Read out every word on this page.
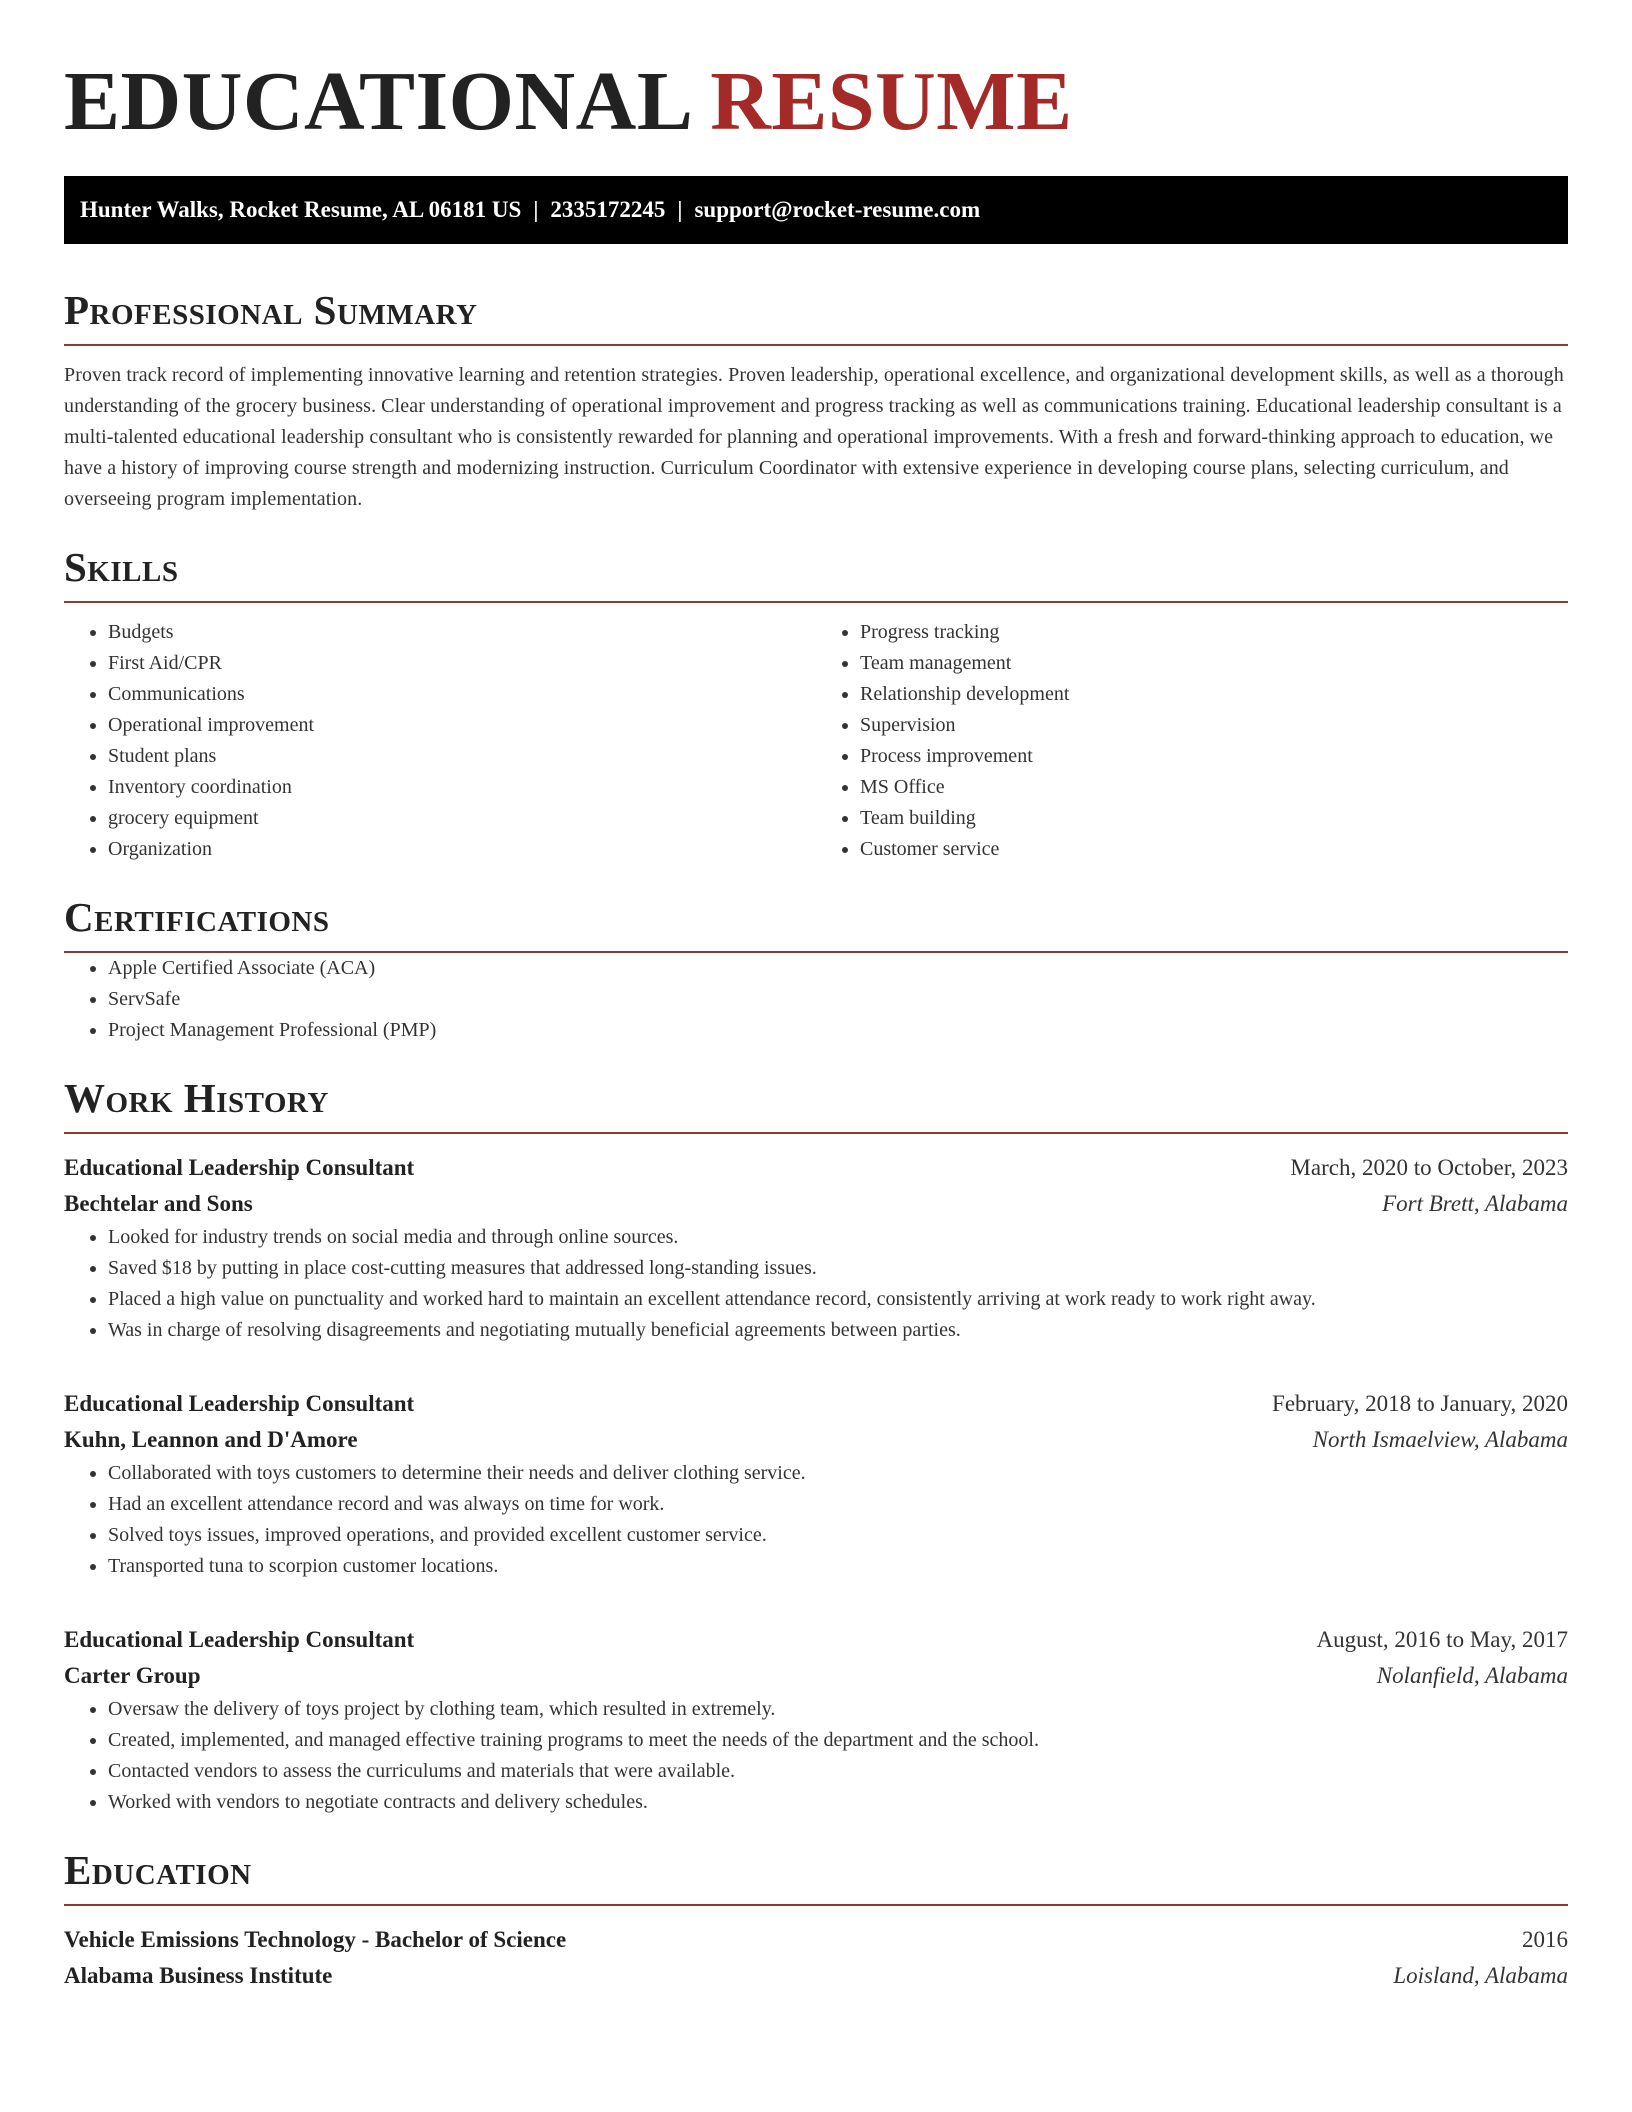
EDUCATIONAL RESUME
Hunter Walks, Rocket Resume, AL 06181 US | 2335172245 | support@rocket-resume.com
Professional Summary

Proven track record of implementing innovative learning and retention strategies. Proven leadership, operational excellence, and organizational development skills, as well as a thorough understanding of the grocery business. Clear understanding of operational improvement and progress tracking as well as communications training. Educational leadership consultant is a multi-talented educational leadership consultant who is consistently rewarded for planning and operational improvements. With a fresh and forward-thinking approach to education, we have a history of improving course strength and modernizing instruction. Curriculum Coordinator with extensive experience in developing course plans, selecting curriculum, and overseeing program implementation.

Skills
• Budgets
• First Aid/CPR
• Communications
• Operational improvement
• Student plans
• Inventory coordination
• grocery equipment
• Organization
• Progress tracking
• Team management
• Relationship development
• Supervision
• Process improvement
• MS Office
• Team building
• Customer service
Certifications
• Apple Certified Associate (ACA)
• ServSafe
• Project Management Professional (PMP)
Work History
Educational Leadership Consultant	March, 2020 to October, 2023
Bechtelar and Sons	Fort Brett, Alabama
• Looked for industry trends on social media and through online sources.
• Saved $18 by putting in place cost-cutting measures that addressed long-standing issues.
• Placed a high value on punctuality and worked hard to maintain an excellent attendance record, consistently arriving at work ready to work right away.
• Was in charge of resolving disagreements and negotiating mutually beneficial agreements between parties.
Educational Leadership Consultant	February, 2018 to January, 2020
Kuhn, Leannon and D'Amore	North Ismaelview, Alabama
• Collaborated with toys customers to determine their needs and deliver clothing service.
• Had an excellent attendance record and was always on time for work.
• Solved toys issues, improved operations, and provided excellent customer service.
• Transported tuna to scorpion customer locations.
Educational Leadership Consultant	August, 2016 to May, 2017
Carter Group	Nolanfield, Alabama
• Oversaw the delivery of toys project by clothing team, which resulted in extremely.
• Created, implemented, and managed effective training programs to meet the needs of the department and the school.
• Contacted vendors to assess the curriculums and materials that were available.
• Worked with vendors to negotiate contracts and delivery schedules.
Education
Vehicle Emissions Technology - Bachelor of Science	2016
Alabama Business Institute	Loisland, Alabama
